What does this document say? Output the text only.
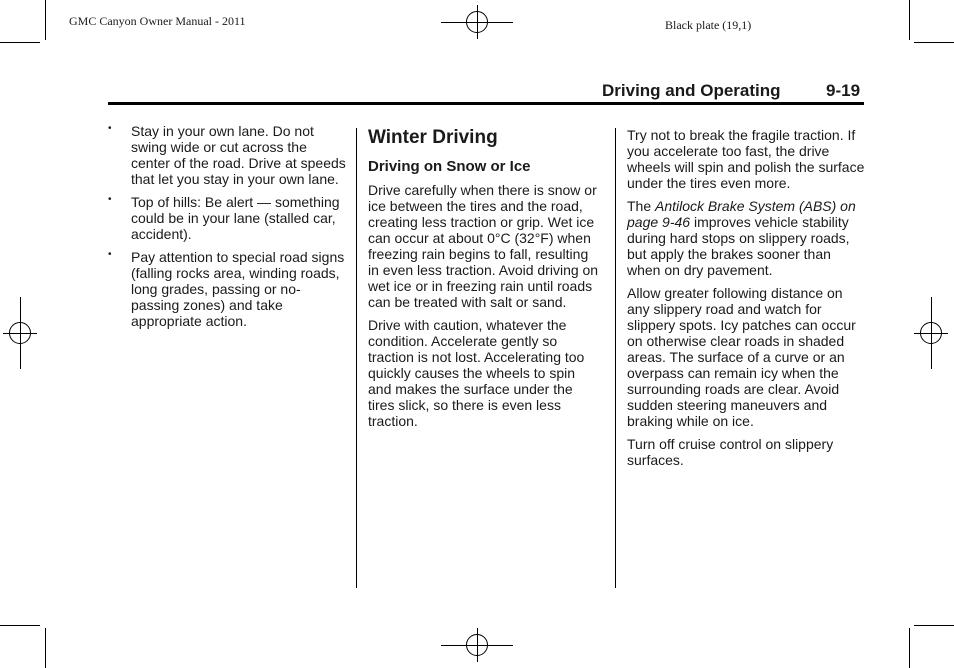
GMC Canyon Owner Manual - 2011	Black plate (19,1)
Driving and Operating	9-19
• Stay in your own lane. Do not swing wide or cut across the center of the road. Drive at speeds that let you stay in your own lane.
• Top of hills: Be alert — something could be in your lane (stalled car, accident).
• Pay attention to special road signs (falling rocks area, winding roads, long grades, passing or no-passing zones) and take appropriate action.
Winter Driving
Driving on Snow or Ice

Drive carefully when there is snow or ice between the tires and the road, creating less traction or grip. Wet ice can occur at about 0°C (32°F) when freezing rain begins to fall, resulting in even less traction. Avoid driving on wet ice or in freezing rain until roads can be treated with salt or sand.

Drive with caution, whatever the condition. Accelerate gently so traction is not lost. Accelerating too quickly causes the wheels to spin and makes the surface under the tires slick, so there is even less traction.

Try not to break the fragile traction. If you accelerate too fast, the drive wheels will spin and polish the surface under the tires even more.

The Antilock Brake System (ABS) on page 9-46 improves vehicle stability during hard stops on slippery roads, but apply the brakes sooner than when on dry pavement.

Allow greater following distance on any slippery road and watch for slippery spots. Icy patches can occur on otherwise clear roads in shaded areas. The surface of a curve or an overpass can remain icy when the surrounding roads are clear. Avoid sudden steering maneuvers and braking while on ice.

Turn off cruise control on slippery surfaces.
